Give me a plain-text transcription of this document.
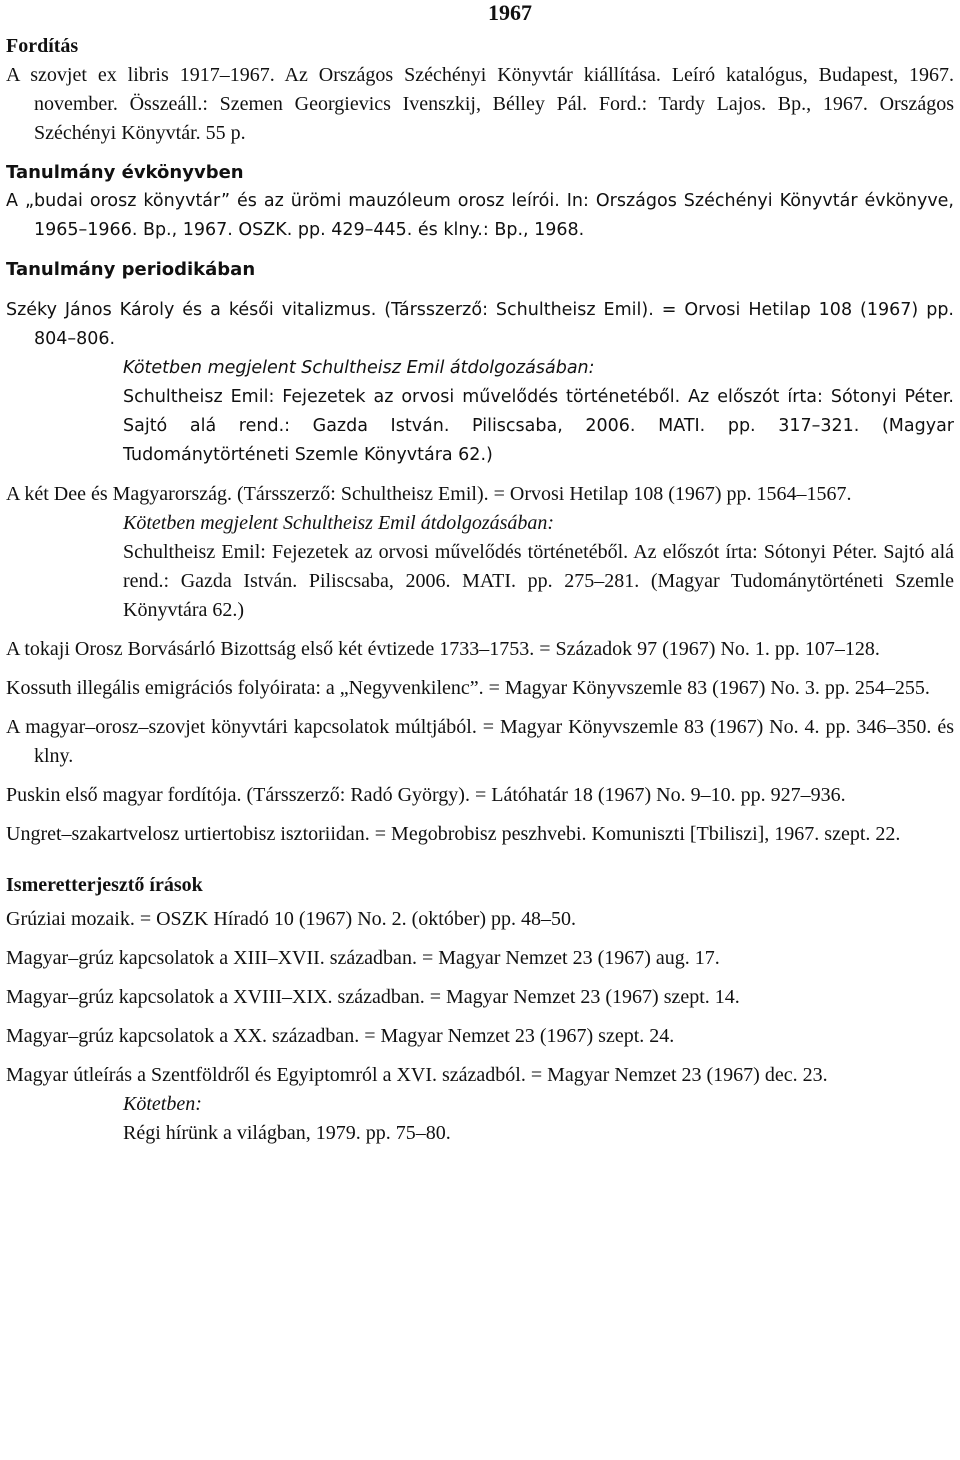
1967
Fordítás
A szovjet ex libris 1917–1967. Az Országos Széchényi Könyvtár kiállítása. Leíró katalógus, Budapest, 1967. november. Összeáll.: Szemen Georgievics Ivenszkij, Bélley Pál. Ford.: Tardy Lajos. Bp., 1967. Országos Széchényi Könyvtár. 55 p.
Tanulmány évkönyvben
A „budai orosz könyvtár” és az ürömi mauzóleum orosz leírói. In: Országos Széchényi Könyvtár évkönyve, 1965–1966. Bp., 1967. OSZK. pp. 429–445. és klny.: Bp., 1968.
Tanulmány periodikában
Széky János Károly és a késői vitalizmus. (Társszerző: Schultheisz Emil). = Orvosi Hetilap 108 (1967) pp. 804–806.
Kötetben megjelent Schultheisz Emil átdolgozásában:
Schultheisz Emil: Fejezetek az orvosi művelődés történetéből. Az előszót írta: Sótonyi Péter. Sajtó alá rend.: Gazda István. Piliscsaba, 2006. MATI. pp. 317–321. (Magyar Tudománytörténeti Szemle Könyvtára 62.)
A két Dee és Magyarország. (Társszerző: Schultheisz Emil). = Orvosi Hetilap 108 (1967) pp. 1564–1567.
Kötetben megjelent Schultheisz Emil átdolgozásában:
Schultheisz Emil: Fejezetek az orvosi művelődés történetéből. Az előszót írta: Sótonyi Péter. Sajtó alá rend.: Gazda István. Piliscsaba, 2006. MATI. pp. 275–281. (Magyar Tudománytörténeti Szemle Könyvtára 62.)
A tokaji Orosz Borvásárló Bizottság első két évtizede 1733–1753. = Századok 97 (1967) No. 1. pp. 107–128.
Kossuth illegális emigrációs folyóirata: a „Negyvenkilenc”. = Magyar Könyvszemle 83 (1967) No. 3. pp. 254–255.
A magyar–orosz–szovjet könyvtári kapcsolatok múltjából. = Magyar Könyvszemle 83 (1967) No. 4. pp. 346–350. és klny.
Puskin első magyar fordítója. (Társszerző: Radó György). = Látóhatár 18 (1967) No. 9–10. pp. 927–936.
Ungret–szakartvelosz urtiertobisz isztoriidan. = Megobrobisz peszhvebi. Komuniszti [Tbiliszi], 1967. szept. 22.
Ismeretterjesztő írások
Grúziai mozaik. = OSZK Híradó 10 (1967) No. 2. (október) pp. 48–50.
Magyar–grúz kapcsolatok a XIII–XVII. században. = Magyar Nemzet 23 (1967) aug. 17.
Magyar–grúz kapcsolatok a XVIII–XIX. században. = Magyar Nemzet 23 (1967) szept. 14.
Magyar–grúz kapcsolatok a XX. században. = Magyar Nemzet 23 (1967) szept. 24.
Magyar útleírás a Szentföldről és Egyiptomról a XVI. századból. = Magyar Nemzet 23 (1967) dec. 23.
Kötetben:
Régi hírünk a világban, 1979. pp. 75–80.
